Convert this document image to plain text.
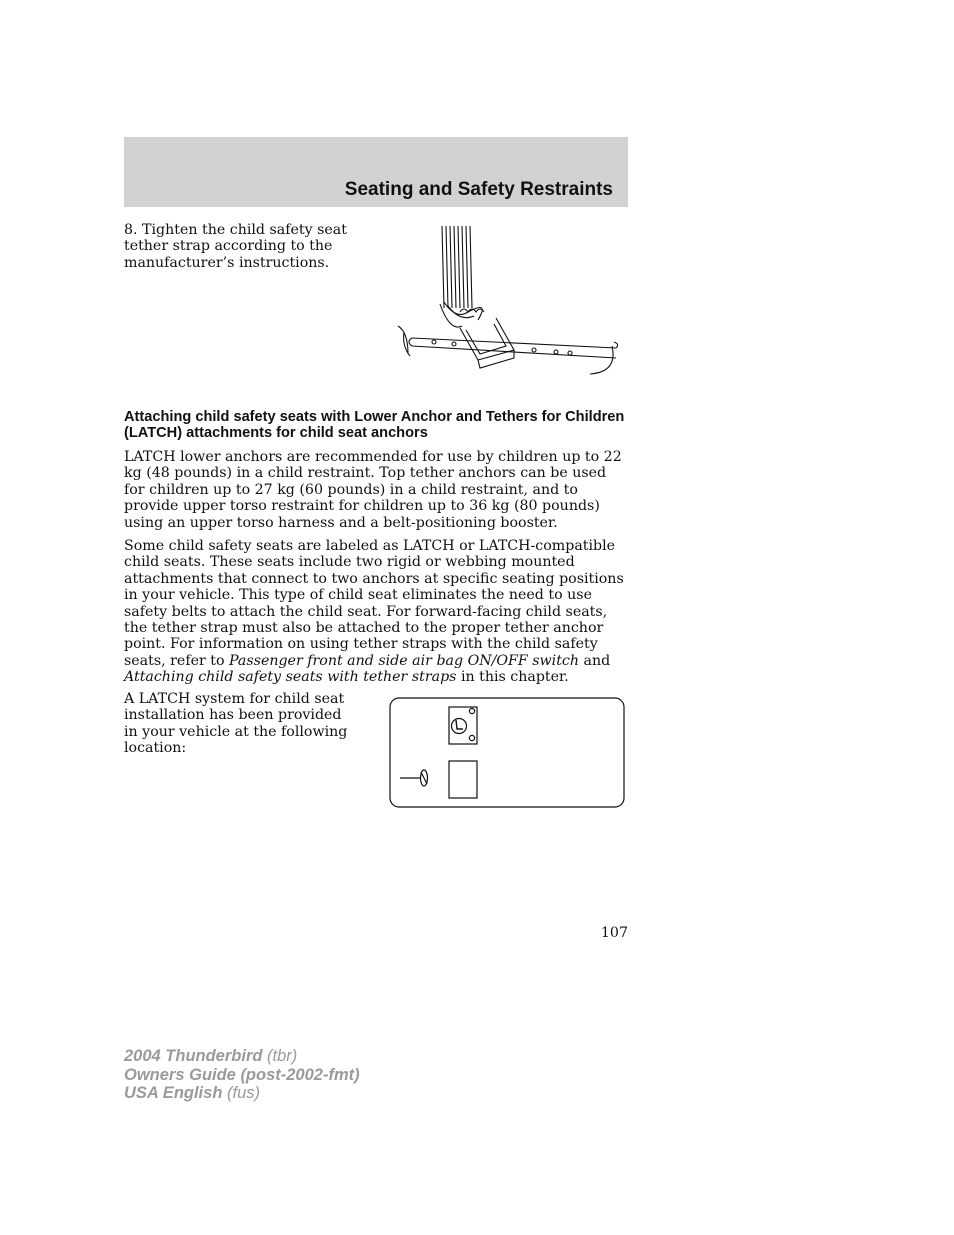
Seating and Safety Restraints
8. Tighten the child safety seat tether strap according to the manufacturer’s instructions.
Attaching child safety seats with Lower Anchor and Tethers for Children (LATCH) attachments for child seat anchors
LATCH lower anchors are recommended for use by children up to 22 kg (48 pounds) in a child restraint. Top tether anchors can be used for children up to 27 kg (60 pounds) in a child restraint, and to provide upper torso restraint for children up to 36 kg (80 pounds) using an upper torso harness and a belt-positioning booster.
Some child safety seats are labeled as LATCH or LATCH-compatible child seats. These seats include two rigid or webbing mounted attachments that connect to two anchors at specific seating positions in your vehicle. This type of child seat eliminates the need to use safety belts to attach the child seat. For forward-facing child seats, the tether strap must also be attached to the proper tether anchor point. For information on using tether straps with the child safety seats, refer to Passenger front and side air bag ON/OFF switch and Attaching child safety seats with tether straps in this chapter.
A LATCH system for child seat installation has been provided in your vehicle at the following location:
107
2004 Thunderbird (tbr)
Owners Guide (post-2002-fmt)
USA English (fus)
